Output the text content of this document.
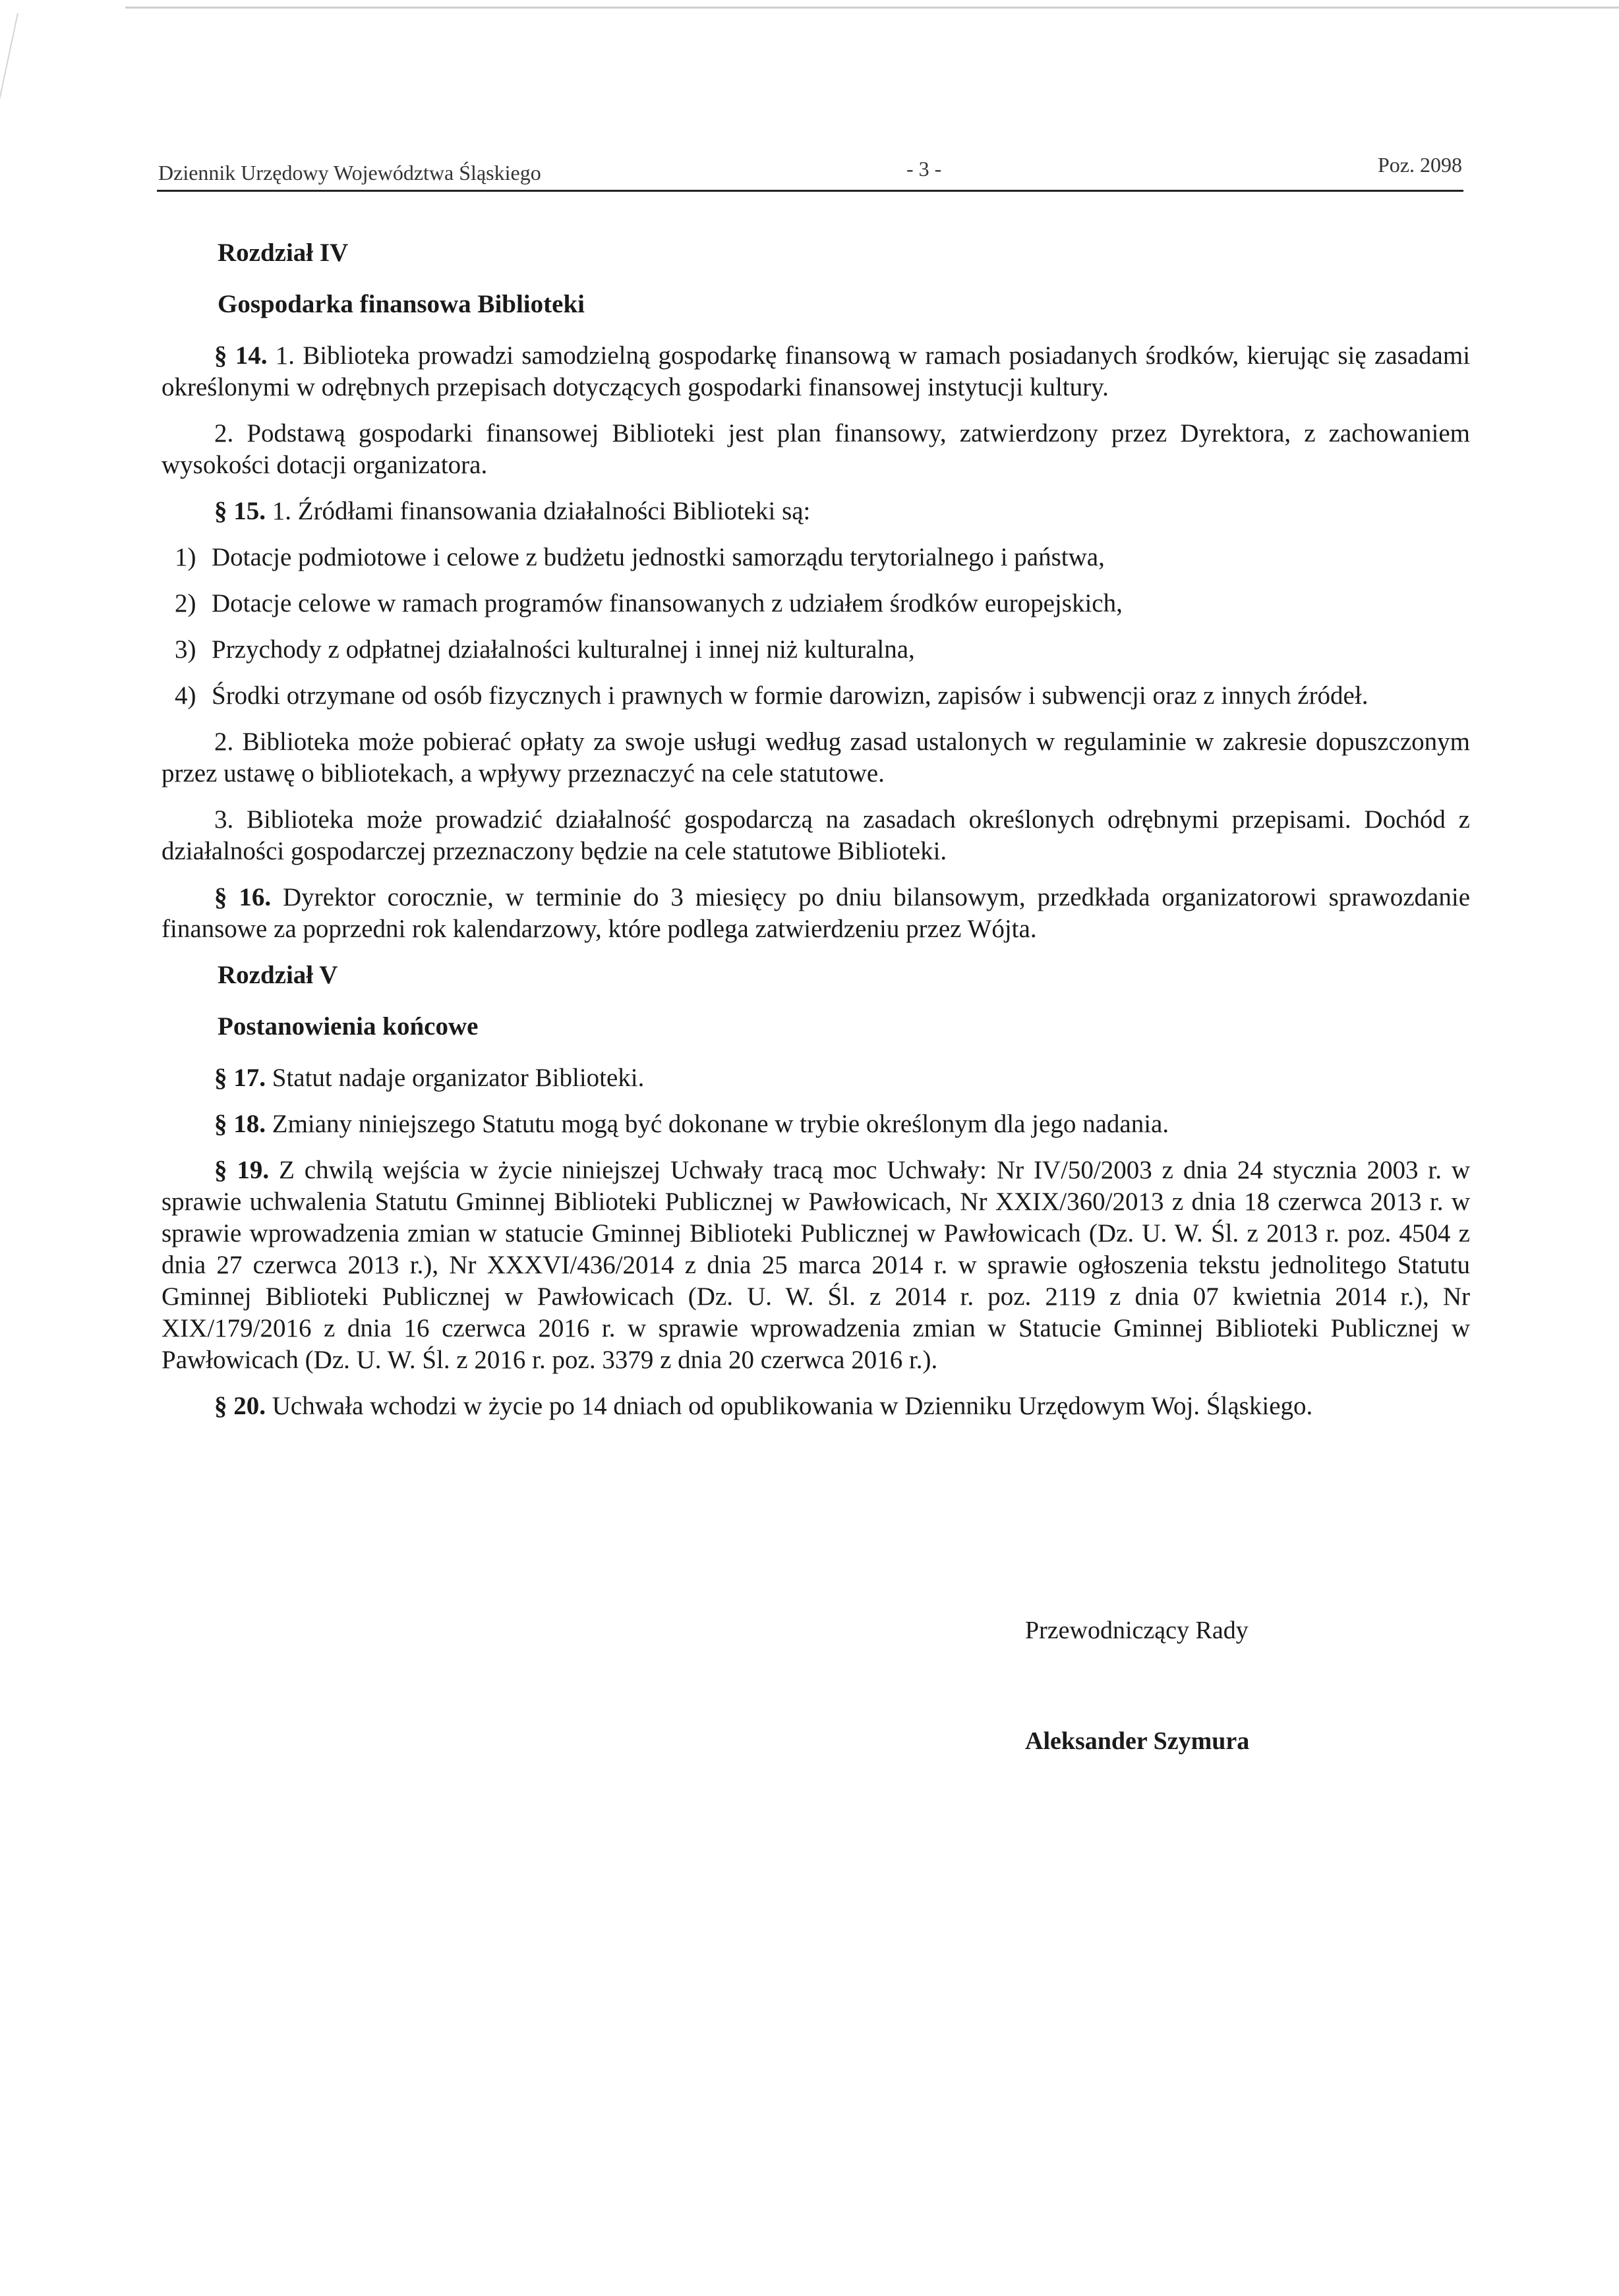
Dziennik Urzędowy Województwa Śląskiego	- 3 -	Poz. 2098
Rozdział IV
Gospodarka finansowa Biblioteki

§ 14. 1. Biblioteka prowadzi samodzielną gospodarkę finansową w ramach posiadanych środków, kierując się zasadami określonymi w odrębnych przepisach dotyczących gospodarki finansowej instytucji kultury.

2. Podstawą gospodarki finansowej Biblioteki jest plan finansowy, zatwierdzony przez Dyrektora, z zachowaniem wysokości dotacji organizatora.

§ 15. 1. Źródłami finansowania działalności Biblioteki są:

1) Dotacje podmiotowe i celowe z budżetu jednostki samorządu terytorialnego i państwa,
2) Dotacje celowe w ramach programów finansowanych z udziałem środków europejskich,
3) Przychody z odpłatnej działalności kulturalnej i innej niż kulturalna,
4) Środki otrzymane od osób fizycznych i prawnych w formie darowizn, zapisów i subwencji oraz z innych źródeł.

2. Biblioteka może pobierać opłaty za swoje usługi według zasad ustalonych w regulaminie w zakresie dopuszczonym przez ustawę o bibliotekach, a wpływy przeznaczyć na cele statutowe.

3. Biblioteka może prowadzić działalność gospodarczą na zasadach określonych odrębnymi przepisami. Dochód z działalności gospodarczej przeznaczony będzie na cele statutowe Biblioteki.

§ 16. Dyrektor corocznie, w terminie do 3 miesięcy po dniu bilansowym, przedkłada organizatorowi sprawozdanie finansowe za poprzedni rok kalendarzowy, które podlega zatwierdzeniu przez Wójta.

Rozdział V
Postanowienia końcowe

§ 17. Statut nadaje organizator Biblioteki.

§ 18. Zmiany niniejszego Statutu mogą być dokonane w trybie określonym dla jego nadania.

§ 19. Z chwilą wejścia w życie niniejszej Uchwały tracą moc Uchwały: Nr IV/50/2003 z dnia 24 stycznia 2003 r. w sprawie uchwalenia Statutu Gminnej Biblioteki Publicznej w Pawłowicach, Nr XXIX/360/2013 z dnia 18 czerwca 2013 r. w sprawie wprowadzenia zmian w statucie Gminnej Biblioteki Publicznej w Pawłowicach (Dz. U. W. Śl. z 2013 r. poz. 4504 z dnia 27 czerwca 2013 r.), Nr XXXVI/436/2014 z dnia 25 marca 2014 r. w sprawie ogłoszenia tekstu jednolitego Statutu Gminnej Biblioteki Publicznej w Pawłowicach (Dz. U. W. Śl. z 2014 r. poz. 2119 z dnia 07 kwietnia 2014 r.), Nr XIX/179/2016 z dnia 16 czerwca 2016 r. w sprawie wprowadzenia zmian w Statucie Gminnej Biblioteki Publicznej w Pawłowicach (Dz. U. W. Śl. z 2016 r. poz. 3379 z dnia 20 czerwca 2016 r.).

§ 20. Uchwała wchodzi w życie po 14 dniach od opublikowania w Dzienniku Urzędowym Woj. Śląskiego.

Przewodniczący Rady
Aleksander Szymura
